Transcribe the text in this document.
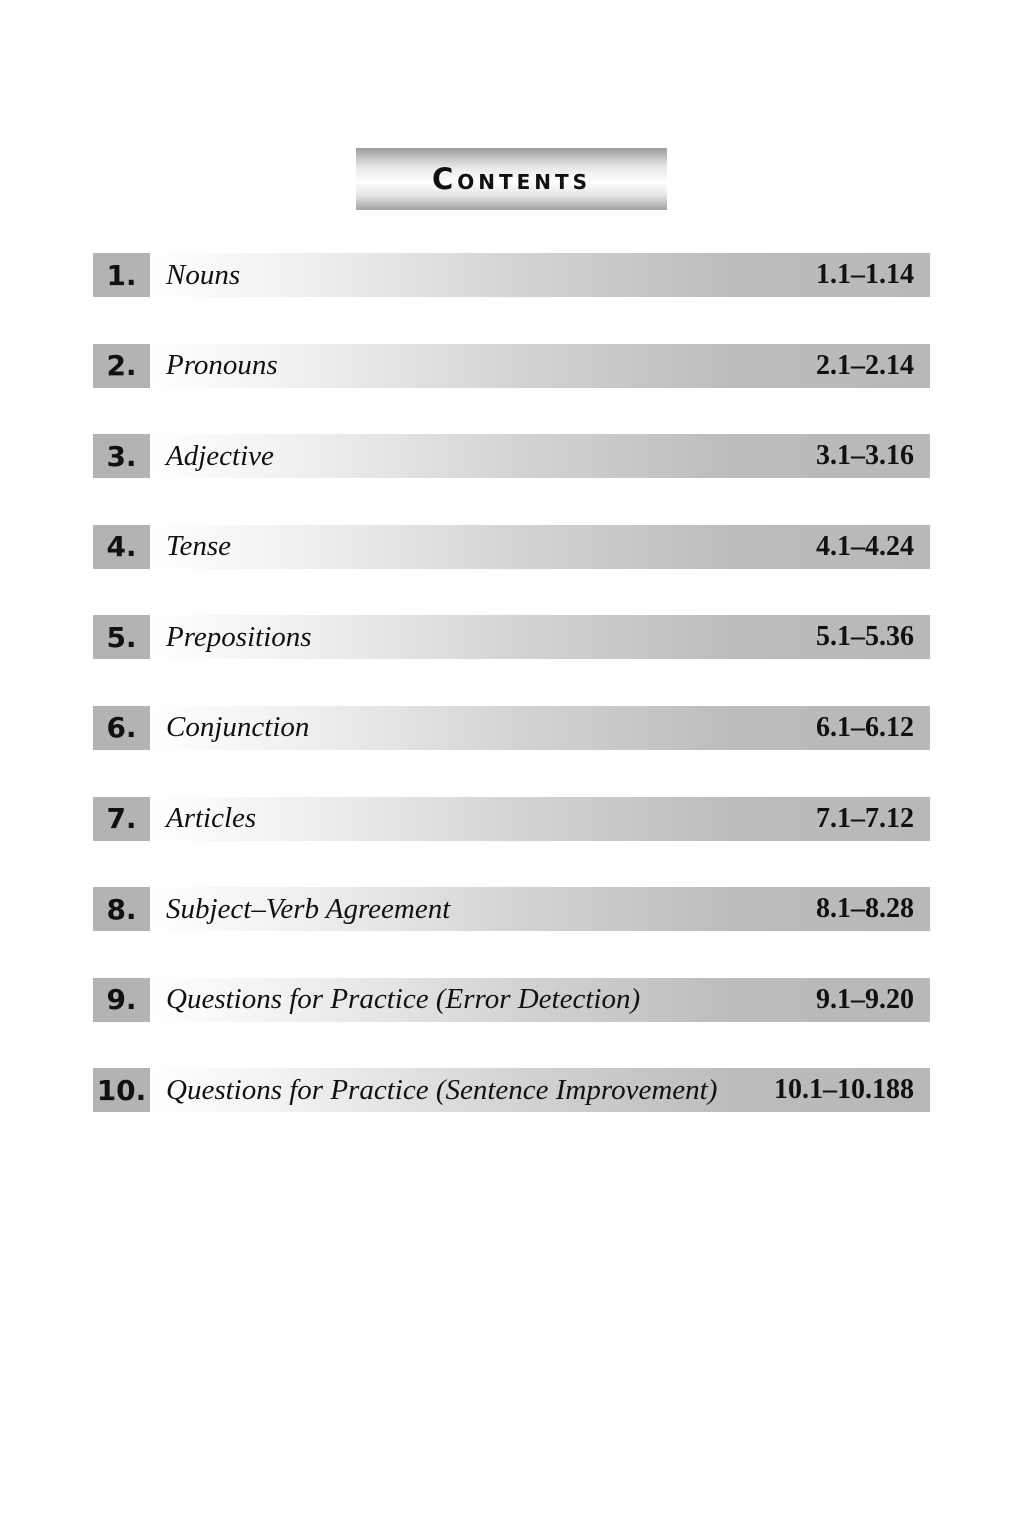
Contents
1.	Nouns	1.1–1.14
2.	Pronouns	2.1–2.14
3.	Adjective	3.1–3.16
4.	Tense	4.1–4.24
5.	Prepositions	5.1–5.36
6.	Conjunction	6.1–6.12
7.	Articles	7.1–7.12
8.	Subject–Verb Agreement	8.1–8.28
9.	Questions for Practice (Error Detection)	9.1–9.20
10. Questions for Practice (Sentence Improvement) 10.1–10.188
